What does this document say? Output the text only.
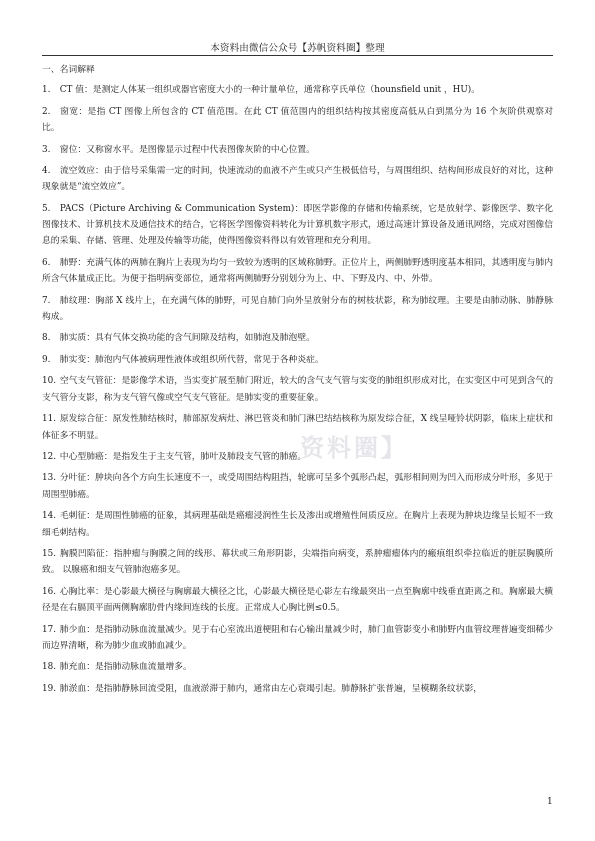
本资料由微信公众号【苏帆资料圈】整理
资料圈】

一、名词解释

1. CT 值：是测定人体某一组织或器官密度大小的一种计量单位，通常称亨氏单位（hounsfield unit ，HU)。

2. 窗宽：是指 CT 图像上所包含的 CT 值范围。在此 CT 值范围内的组织结构按其密度高低从白到黑分为 16 个灰阶供观察对比。

3. 窗位：又称窗水平。是图像显示过程中代表图像灰阶的中心位置。

4. 流空效应：由于信号采集需一定的时间，快速流动的血液不产生或只产生极低信号，与周围组织、结构间形成良好的对比，这种现象就是“流空效应”。

5. PACS（Picture Archiving & Communication System)：即医学影像的存储和传输系统，它是放射学、影像医学、数字化图像技术、计算机技术及通信技术的结合，它将医学图像资料转化为计算机数字形式，通过高速计算设备及通讯网络，完成对图像信息的采集、存储、管理、处理及传输等功能，使得图像资料得以有效管理和充分利用。

6. 肺野：充满气体的两肺在胸片上表现为均匀一致较为透明的区域称肺野。正位片上，两侧肺野透明度基本相同，其透明度与肺内所含气体量成正比。为便于指明病变部位，通常将两侧肺野分别划分为上、中、下野及内、中、外带。

7. 肺纹理：胸部 X 线片上，在充满气体的肺野，可见自肺门向外呈放射分布的树枝状影，称为肺纹理。主要是由肺动脉、肺静脉构成。

8. 肺实质：具有气体交换功能的含气间隙及结构，如肺泡及肺泡壁。

9. 肺实变：肺泡内气体被病理性液体或组织所代替，常见于各种炎症。

10. 空气支气管征：是影像学术语，当实变扩展至肺门附近，较大的含气支气管与实变的肺组织形成对比，在实变区中可见到含气的支气管分支影，称为支气管气像或空气支气管征。是肺实变的重要征象。

11. 原发综合征：原发性肺结核时，肺部原发病灶、淋巴管炎和肺门淋巴结结核称为原发综合征，X 线呈哑铃状阴影，临床上症状和体征多不明显。

12. 中心型肺癌：是指发生于主支气管，肺叶及肺段支气管的肺癌。

13. 分叶征：肿块向各个方向生长速度不一，或受周围结构阻挡，轮廓可呈多个弧形凸起，弧形相间则为凹入而形成分叶形，多见于周围型肺癌。

14. 毛刺征：是周围性肺癌的征象，其病理基础是癌瘤浸润性生长及渗出或增殖性间质反应。在胸片上表现为肿块边缘呈长短不一致细毛刺结构。

15. 胸膜凹陷征：指肿瘤与胸膜之间的线形、幕状或三角形阴影，尖端指向病变，系肿瘤瘤体内的瘢痕组织牵拉临近的脏层胸膜所致。 以腺癌和细支气管肺泡癌多见。

16. 心胸比率：是心影最大横径与胸廓最大横径之比，心影最大横径是心影左右缘最突出一点至胸廓中线垂直距离之和。胸廓最大横径是在右膈顶平面两侧胸廓肋骨内缘间连线的长度。正常成人心胸比例≤0.5。

17. 肺少血：是指肺动脉血流量减少。见于右心室流出道梗阻和右心输出量减少时，肺门血管影变小和肺野内血管纹理普遍变细稀少而边界清晰，称为肺少血或肺血减少。

18. 肺充血：是指肺动脉血流量增多。

19. 肺淤血：是指肺静脉回流受阻，血液淤滞于肺内，通常由左心衰竭引起。肺静脉扩张普遍，呈模糊条纹状影，

1
